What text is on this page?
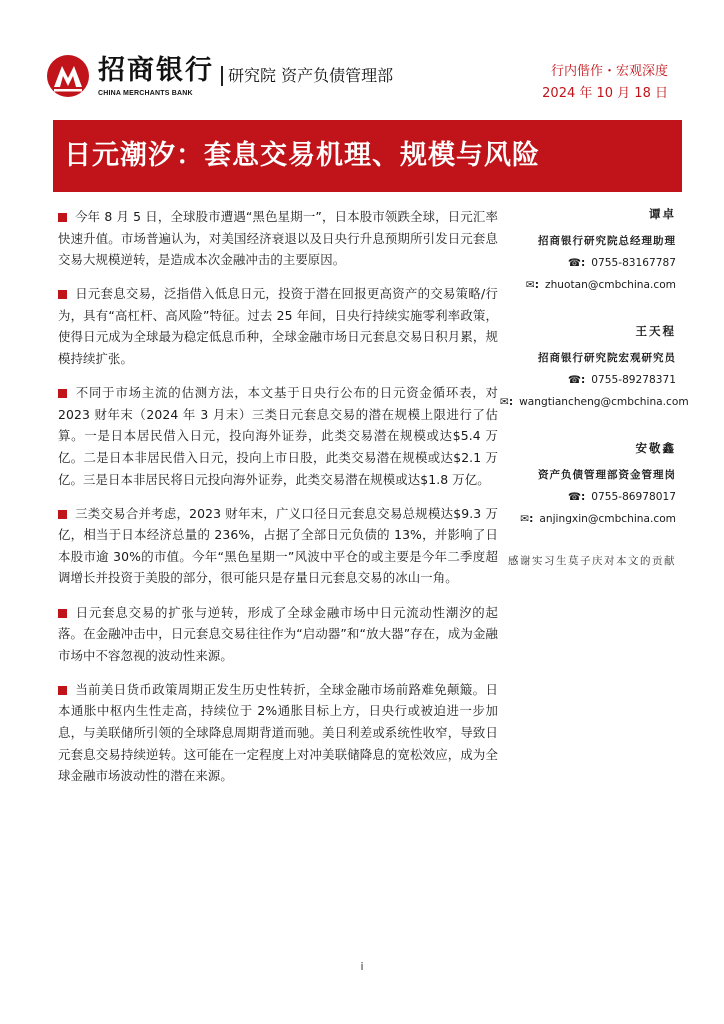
招商银行
CHINA MERCHANTS BANK
研究院 资产负债管理部	行内偕作・宏观深度
2024 年 10 月 18 日
日元潮汐：套息交易机理、规模与风险

今年 8 月 5 日，全球股市遭遇“黑色星期一”，日本股市领跌全球，日元汇率快速升值。市场普遍认为，对美国经济衰退以及日央行升息预期所引发日元套息交易大规模逆转，是造成本次金融冲击的主要原因。

日元套息交易，泛指借入低息日元，投资于潜在回报更高资产的交易策略/行为，具有“高杠杆、高风险”特征。过去 25 年间，日央行持续实施零利率政策，使得日元成为全球最为稳定低息币种，全球金融市场日元套息交易日积月累，规模持续扩张。

不同于市场主流的估测方法，本文基于日央行公布的日元资金循环表，对 2023 财年末（2024 年 3 月末）三类日元套息交易的潜在规模上限进行了估算。一是日本居民借入日元，投向海外证券，此类交易潜在规模或达$5.4 万亿。二是日本非居民借入日元，投向上市日股，此类交易潜在规模或达$2.1 万亿。三是日本非居民将日元投向海外证券，此类交易潜在规模或达$1.8 万亿。

三类交易合并考虑，2023 财年末，广义口径日元套息交易总规模达$9.3 万亿，相当于日本经济总量的 236%，占据了全部日元负债的 13%，并影响了日本股市逾 30%的市值。今年“黑色星期一”风波中平仓的或主要是今年二季度超调增长并投资于美股的部分，很可能只是存量日元套息交易的冰山一角。

日元套息交易的扩张与逆转，形成了全球金融市场中日元流动性潮汐的起落。在金融冲击中，日元套息交易往往作为“启动器”和“放大器”存在，成为金融市场中不容忽视的波动性来源。

当前美日货币政策周期正发生历史性转折，全球金融市场前路难免颠簸。日本通胀中枢内生性走高，持续位于 2%通胀目标上方，日央行或被迫进一步加息，与美联储所引领的全球降息周期背道而驰。美日利差或系统性收窄，导致日元套息交易持续逆转。这可能在一定程度上对冲美联储降息的宽松效应，成为全球金融市场波动性的潜在来源。

谭卓
招商银行研究院总经理助理
☎: 0755-83167787
✉: zhuotan@cmbchina.com
王天程
招商银行研究院宏观研究员
☎: 0755-89278371
✉: wangtiancheng@cmbchina.com
安敬鑫
资产负债管理部资金管理岗
☎: 0755-86978017
✉: anjingxin@cmbchina.com
感谢实习生莫子庆对本文的贡献
i
